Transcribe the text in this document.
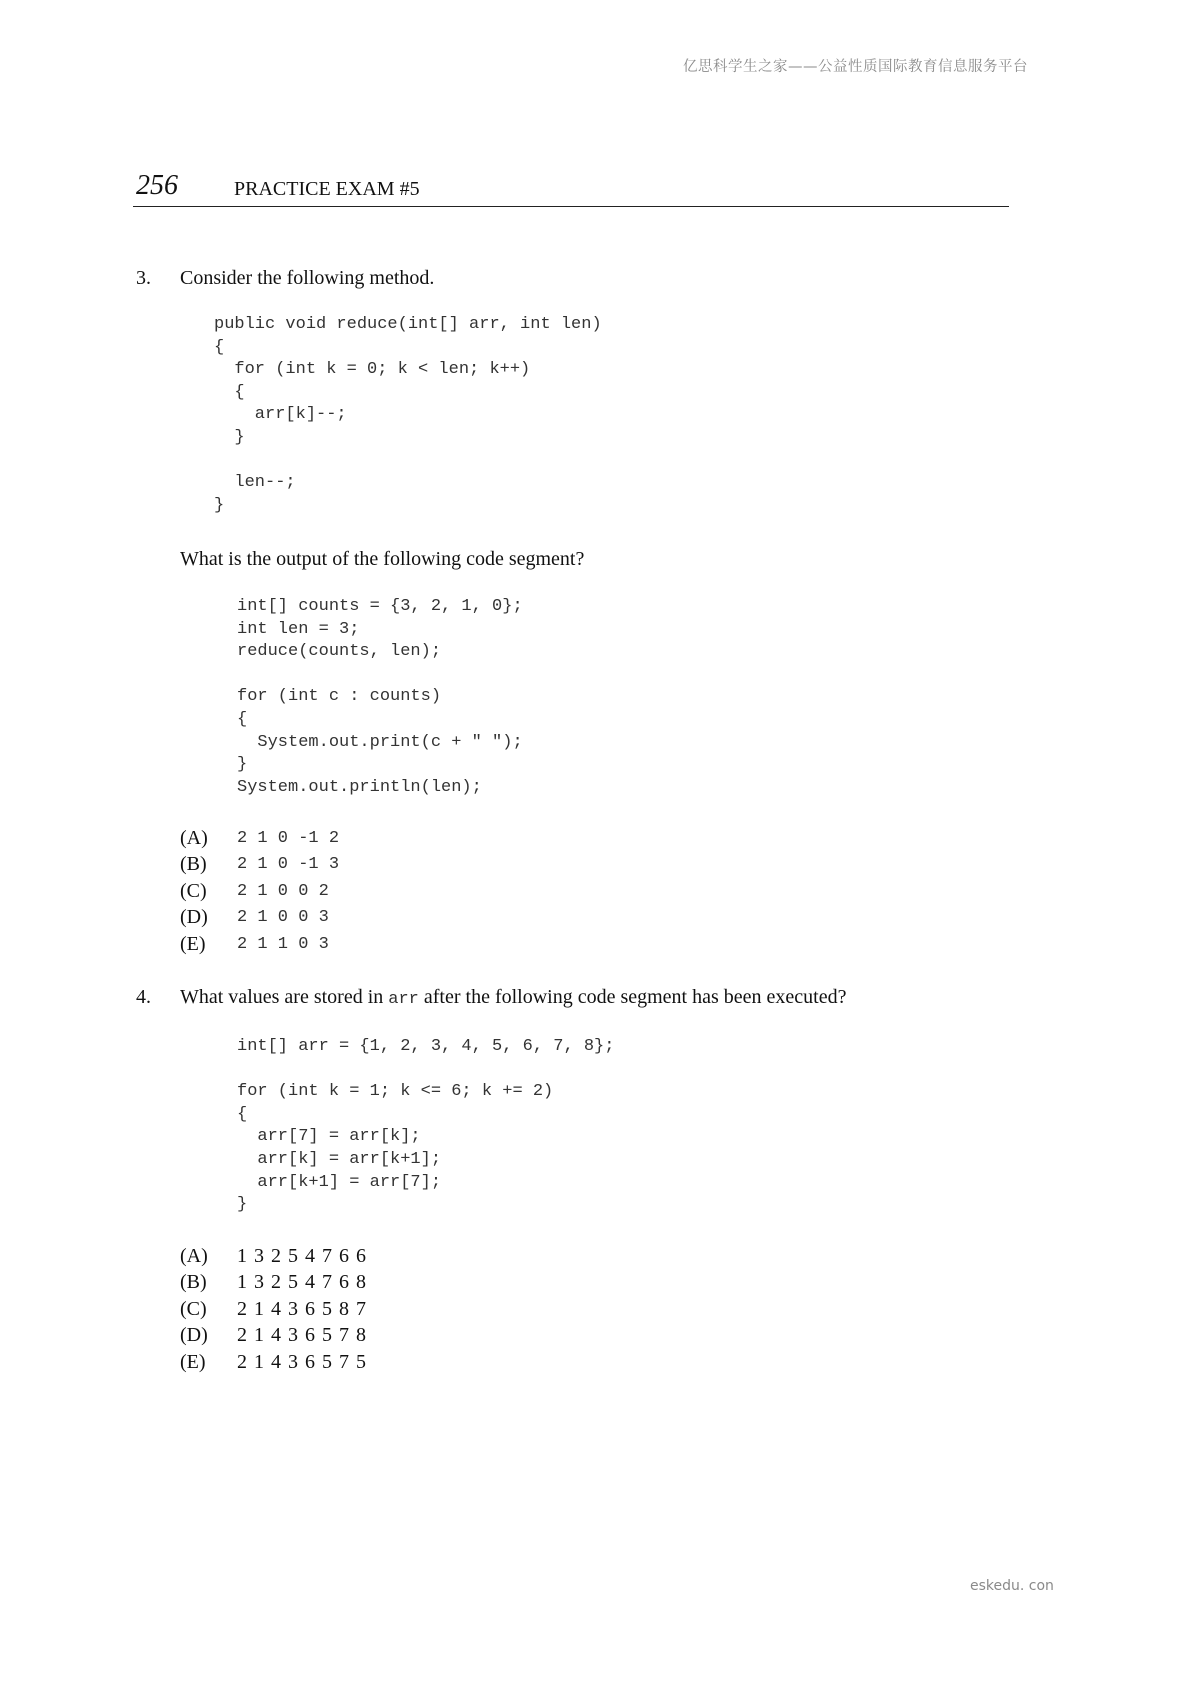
亿思科学生之家——公益性质国际教育信息服务平台
256	PRACTICE EXAM #5
3. Consider the following method.
public void reduce(int[] arr, int len)
{
for (int k = 0; k < len; k++)
{
arr[k]--;
}

len--;
}
What is the output of the following code segment?
int[] counts = {3, 2, 1, 0};
int len = 3;
reduce(counts, len);

for (int c : counts)
{
System.out.print(c + " ");
}
System.out.println(len);
(A)	2 1 0 -1 2
(B)	2 1 0 -1 3
(C)	2 1 0 0 2
(D)	2 1 0 0 3
(E)	2 1 1 0 3
4. What values are stored in arr after the following code segment has been executed?
int[] arr = {1, 2, 3, 4, 5, 6, 7, 8};

for (int k = 1; k <= 6; k += 2)
{
arr[7] = arr[k];
arr[k] = arr[k+1];
arr[k+1] = arr[7];
}
(A)	1 3 2 5 4 7 6 6
(B)	1 3 2 5 4 7 6 8
(C)	2 1 4 3 6 5 8 7
(D)	2 1 4 3 6 5 7 8
(E)	2 1 4 3 6 5 7 5
eskedu. con
